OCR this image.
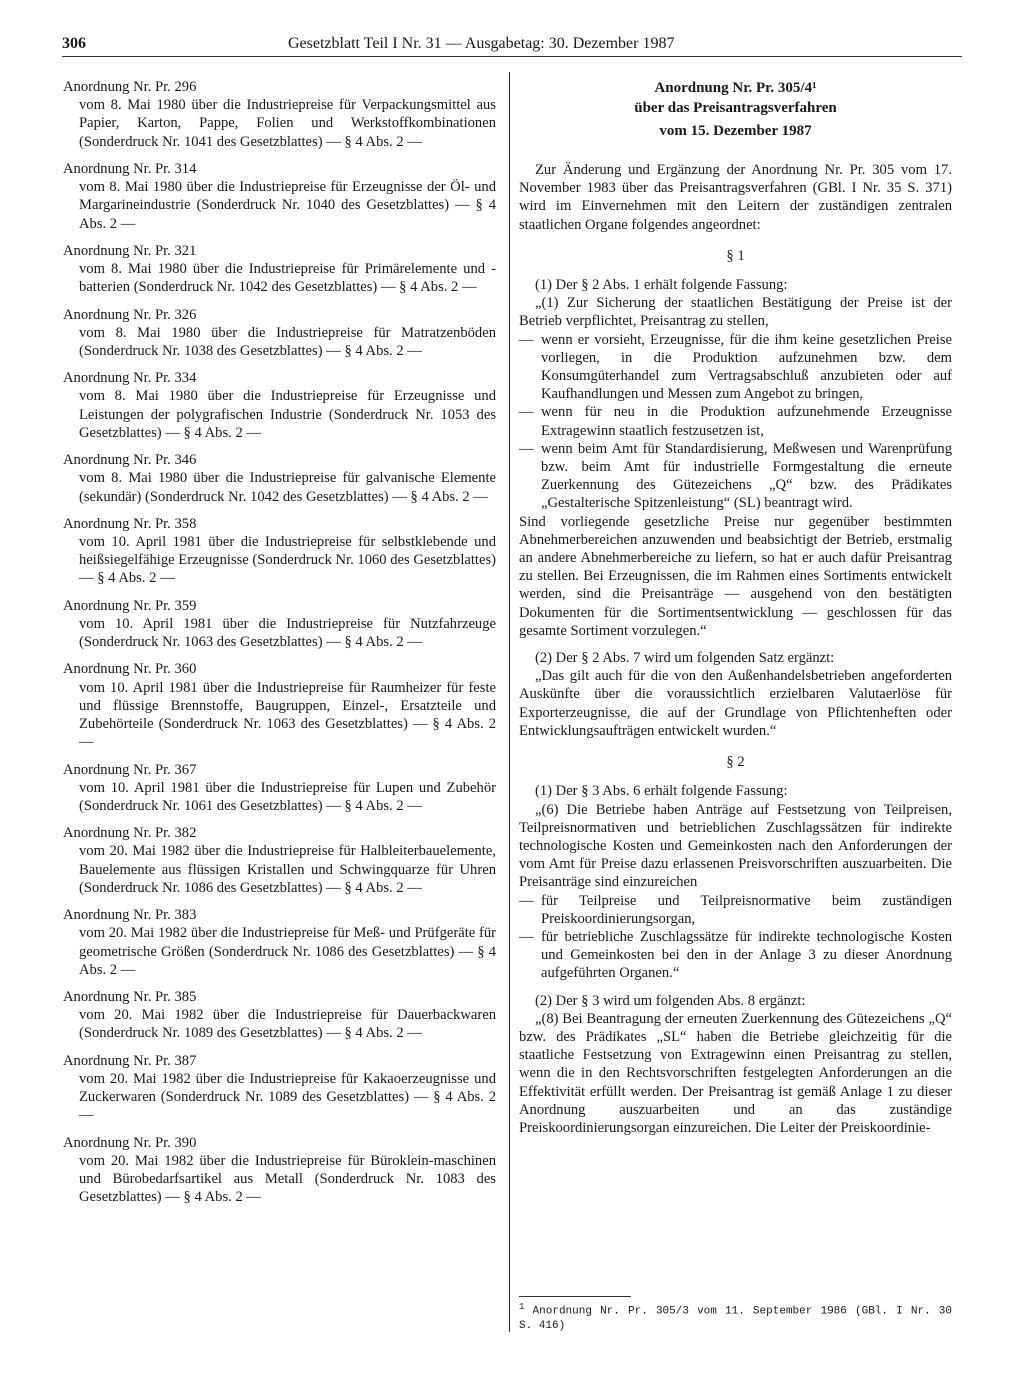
306	Gesetzblatt Teil I Nr. 31 — Ausgabetag: 30. Dezember 1987
Anordnung Nr. Pr. 296
vom 8. Mai 1980 über die Industriepreise für Verpackungsmittel aus Papier, Karton, Pappe, Folien und Werkstoffkombinationen (Sonderdruck Nr. 1041 des Gesetzblattes) — § 4 Abs. 2 —
Anordnung Nr. Pr. 314
vom 8. Mai 1980 über die Industriepreise für Erzeugnisse der Öl- und Margarineindustrie (Sonderdruck Nr. 1040 des Gesetzblattes) — § 4 Abs. 2 —
Anordnung Nr. Pr. 321
vom 8. Mai 1980 über die Industriepreise für Primärelemente und -batterien (Sonderdruck Nr. 1042 des Gesetzblattes) — § 4 Abs. 2 —
Anordnung Nr. Pr. 326
vom 8. Mai 1980 über die Industriepreise für Matratzenböden (Sonderdruck Nr. 1038 des Gesetzblattes) — § 4 Abs. 2 —
Anordnung Nr. Pr. 334
vom 8. Mai 1980 über die Industriepreise für Erzeugnisse und Leistungen der polygrafischen Industrie (Sonderdruck Nr. 1053 des Gesetzblattes) — § 4 Abs. 2 —
Anordnung Nr. Pr. 346
vom 8. Mai 1980 über die Industriepreise für galvanische Elemente (sekundär) (Sonderdruck Nr. 1042 des Gesetzblattes) — § 4 Abs. 2 —
Anordnung Nr. Pr. 358
vom 10. April 1981 über die Industriepreise für selbstklebende und heißsiegelfähige Erzeugnisse (Sonderdruck Nr. 1060 des Gesetzblattes) — § 4 Abs. 2 —
Anordnung Nr. Pr. 359
vom 10. April 1981 über die Industriepreise für Nutzfahrzeuge (Sonderdruck Nr. 1063 des Gesetzblattes) — § 4 Abs. 2 —
Anordnung Nr. Pr. 360
vom 10. April 1981 über die Industriepreise für Raumheizer für feste und flüssige Brennstoffe, Baugruppen, Einzel-, Ersatzteile und Zubehörteile (Sonderdruck Nr. 1063 des Gesetzblattes) — § 4 Abs. 2 —
Anordnung Nr. Pr. 367
vom 10. April 1981 über die Industriepreise für Lupen und Zubehör (Sonderdruck Nr. 1061 des Gesetzblattes) — § 4 Abs. 2 —
Anordnung Nr. Pr. 382
vom 20. Mai 1982 über die Industriepreise für Halbleiterbauelemente, Bauelemente aus flüssigen Kristallen und Schwingquarze für Uhren (Sonderdruck Nr. 1086 des Gesetzblattes) — § 4 Abs. 2 —
Anordnung Nr. Pr. 383
vom 20. Mai 1982 über die Industriepreise für Meß- und Prüfgeräte für geometrische Größen (Sonderdruck Nr. 1086 des Gesetzblattes) — § 4 Abs. 2 —
Anordnung Nr. Pr. 385
vom 20. Mai 1982 über die Industriepreise für Dauerbackwaren (Sonderdruck Nr. 1089 des Gesetzblattes) — § 4 Abs. 2 —
Anordnung Nr. Pr. 387
vom 20. Mai 1982 über die Industriepreise für Kakaoerzeugnisse und Zuckerwaren (Sonderdruck Nr. 1089 des Gesetzblattes) — § 4 Abs. 2 —
Anordnung Nr. Pr. 390
vom 20. Mai 1982 über die Industriepreise für Büroklein-maschinen und Bürobedarfsartikel aus Metall (Sonderdruck Nr. 1083 des Gesetzblattes) — § 4 Abs. 2 —
Anordnung Nr. Pr. 305/4¹
über das Preisantragsverfahren
vom 15. Dezember 1987

Zur Änderung und Ergänzung der Anordnung Nr. Pr. 305 vom 17. November 1983 über das Preisantragsverfahren (GBl. I Nr. 35 S. 371) wird im Einvernehmen mit den Leitern der zuständigen zentralen staatlichen Organe folgendes angeordnet:

§ 1

(1) Der § 2 Abs. 1 erhält folgende Fassung:

„(1) Zur Sicherung der staatlichen Bestätigung der Preise ist der Betrieb verpflichtet, Preisantrag zu stellen,

— wenn er vorsieht, Erzeugnisse, für die ihm keine gesetzlichen Preise vorliegen, in die Produktion aufzunehmen bzw. dem Konsumgüterhandel zum Vertragsabschluß anzubieten oder auf Kaufhandlungen und Messen zum Angebot zu bringen,

— wenn für neu in die Produktion aufzunehmende Erzeugnisse Extragewinn staatlich festzusetzen ist,

— wenn beim Amt für Standardisierung, Meßwesen und Warenprüfung bzw. beim Amt für industrielle Formgestaltung die erneute Zuerkennung des Gütezeichens „Q“ bzw. des Prädikates „Gestalterische Spitzenleistung“ (SL) beantragt wird.

Sind vorliegende gesetzliche Preise nur gegenüber bestimmten Abnehmerbereichen anzuwenden und beabsichtigt der Betrieb, erstmalig an andere Abnehmerbereiche zu liefern, so hat er auch dafür Preisantrag zu stellen. Bei Erzeugnissen, die im Rahmen eines Sortiments entwickelt werden, sind die Preisanträge — ausgehend von den bestätigten Dokumenten für die Sortimentsentwicklung — geschlossen für das gesamte Sortiment vorzulegen.“

(2) Der § 2 Abs. 7 wird um folgenden Satz ergänzt:

„Das gilt auch für die von den Außenhandelsbetrieben angeforderten Auskünfte über die voraussichtlich erzielbaren Valutaerlöse für Exporterzeugnisse, die auf der Grundlage von Pflichtenheften oder Entwicklungsaufträgen entwickelt wurden.“

§ 2

(1) Der § 3 Abs. 6 erhält folgende Fassung:

„(6) Die Betriebe haben Anträge auf Festsetzung von Teilpreisen, Teilpreisnormativen und betrieblichen Zuschlagssätzen für indirekte technologische Kosten und Gemeinkosten nach den Anforderungen der vom Amt für Preise dazu erlassenen Preisvorschriften auszuarbeiten. Die Preisanträge sind einzureichen

— für Teilpreise und Teilpreisnormative beim zuständigen Preiskoordinierungsorgan,

— für betriebliche Zuschlagssätze für indirekte technologische Kosten und Gemeinkosten bei den in der Anlage 3 zu dieser Anordnung aufgeführten Organen.“

(2) Der § 3 wird um folgenden Abs. 8 ergänzt:

„(8) Bei Beantragung der erneuten Zuerkennung des Gütezeichens „Q“ bzw. des Prädikates „SL“ haben die Betriebe gleichzeitig für die staatliche Festsetzung von Extragewinn einen Preisantrag zu stellen, wenn die in den Rechtsvorschriften festgelegten Anforderungen an die Effektivität erfüllt werden. Der Preisantrag ist gemäß Anlage 1 zu dieser Anordnung auszuarbeiten und an das zuständige Preiskoordinierungsorgan einzureichen. Die Leiter der Preiskoordinie-

$^1$ Anordnung Nr. Pr. 305/3 vom 11. September 1986 (GBl. I Nr. 30 S. 416)
